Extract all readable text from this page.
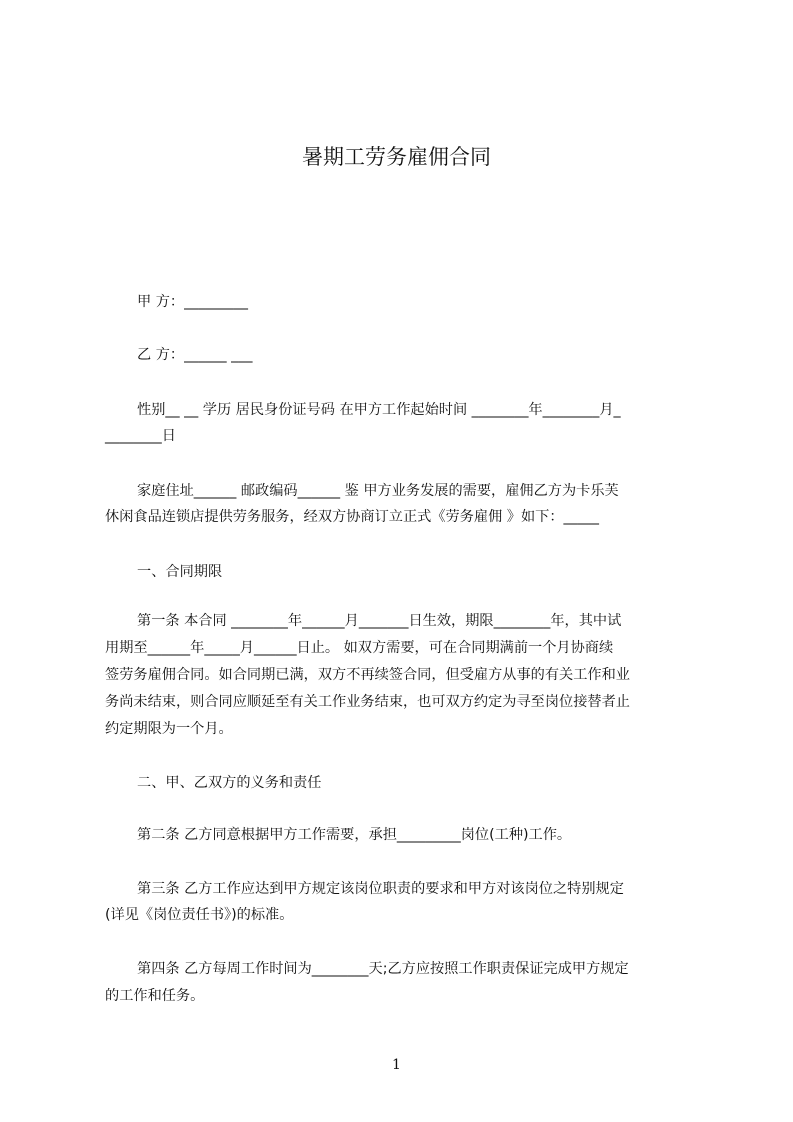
暑期工劳务雇佣合同
甲 方：_________
乙 方：______ ___
性别__ __ 学历 居民身份证号码 在甲方工作起始时间 ________年________月_
________日
家庭住址______ 邮政编码______ 鉴 甲方业务发展的需要，雇佣乙方为卡乐芙
休闲食品连锁店提供劳务服务，经双方协商订立正式《劳务雇佣 》如下：_____
一、合同期限
第一条 本合同 ________年______月_______日生效，期限________年，其中试
用期至______年_____月______日止。 如双方需要，可在合同期满前一个月协商续
签劳务雇佣合同。如合同期已满，双方不再续签合同，但受雇方从事的有关工作和业
务尚未结束，则合同应顺延至有关工作业务结束，也可双方约定为寻至岗位接替者止
约定期限为一个月。
二、甲、乙双方的义务和责任
第二条 乙方同意根据甲方工作需要，承担_________岗位(工种)工作。
第三条 乙方工作应达到甲方规定该岗位职责的要求和甲方对该岗位之特别规定
(详见《岗位责任书》)的标准。
第四条 乙方每周工作时间为________天;乙方应按照工作职责保证完成甲方规定
的工作和任务。
1
